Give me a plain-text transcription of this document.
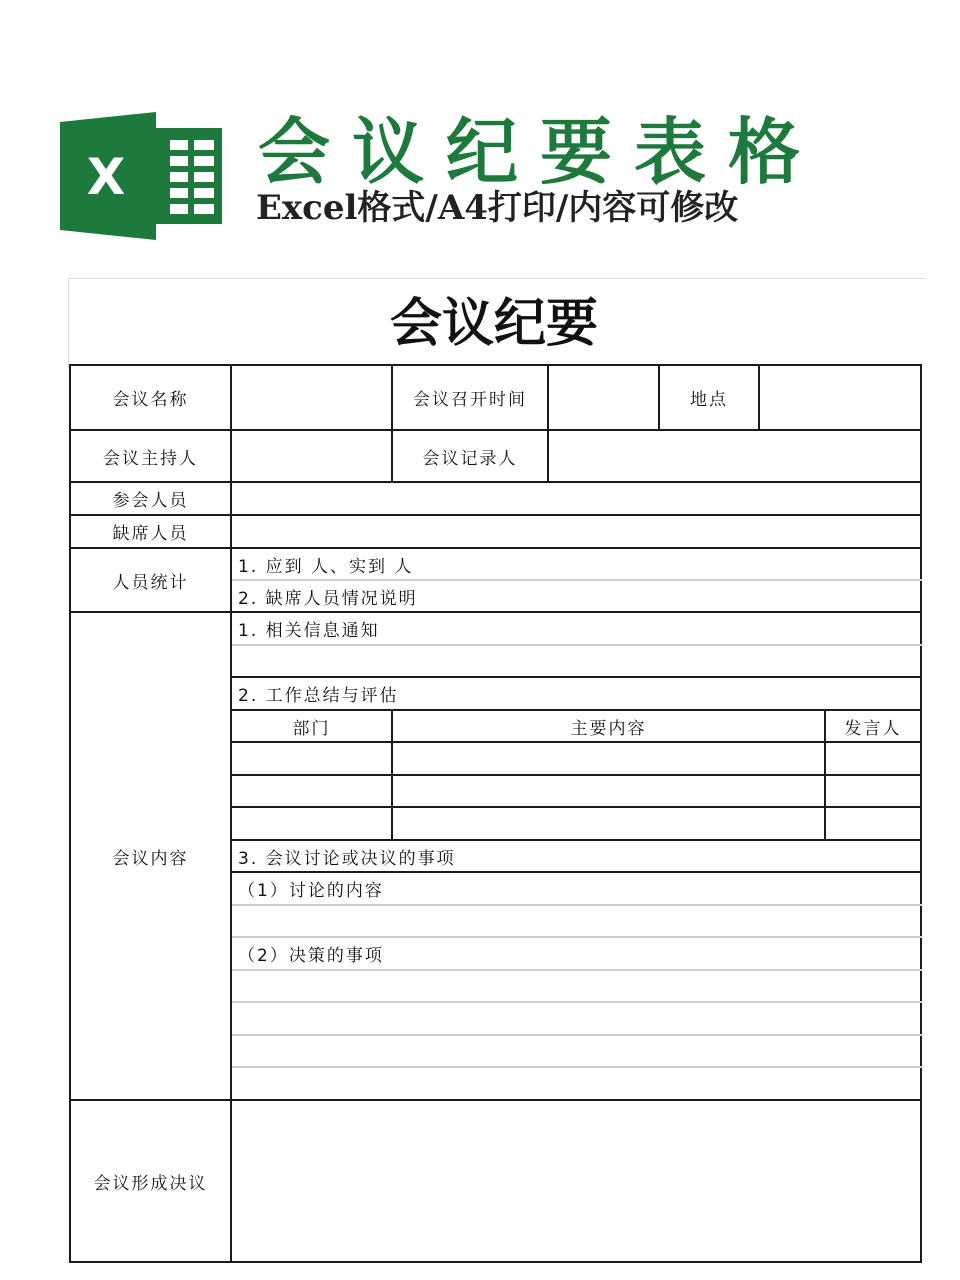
X 会议纪要表格
Excel格式/A4打印/内容可修改
会议纪要
会议名称		会议召开时间		地点		
会议主持人		会议记录人				
参会人员						
缺席人员						
人员统计	1. 应到 人、实到 人					
	2. 缺席人员情况说明					
会议内容	1. 相关信息通知					

	2. 工作总结与评估					
	部门	主要内容				发言人

	3. 会议讨论或决议的事项					
	（1）讨论的内容					

	（2）决策的事项					

会议形成决议						
